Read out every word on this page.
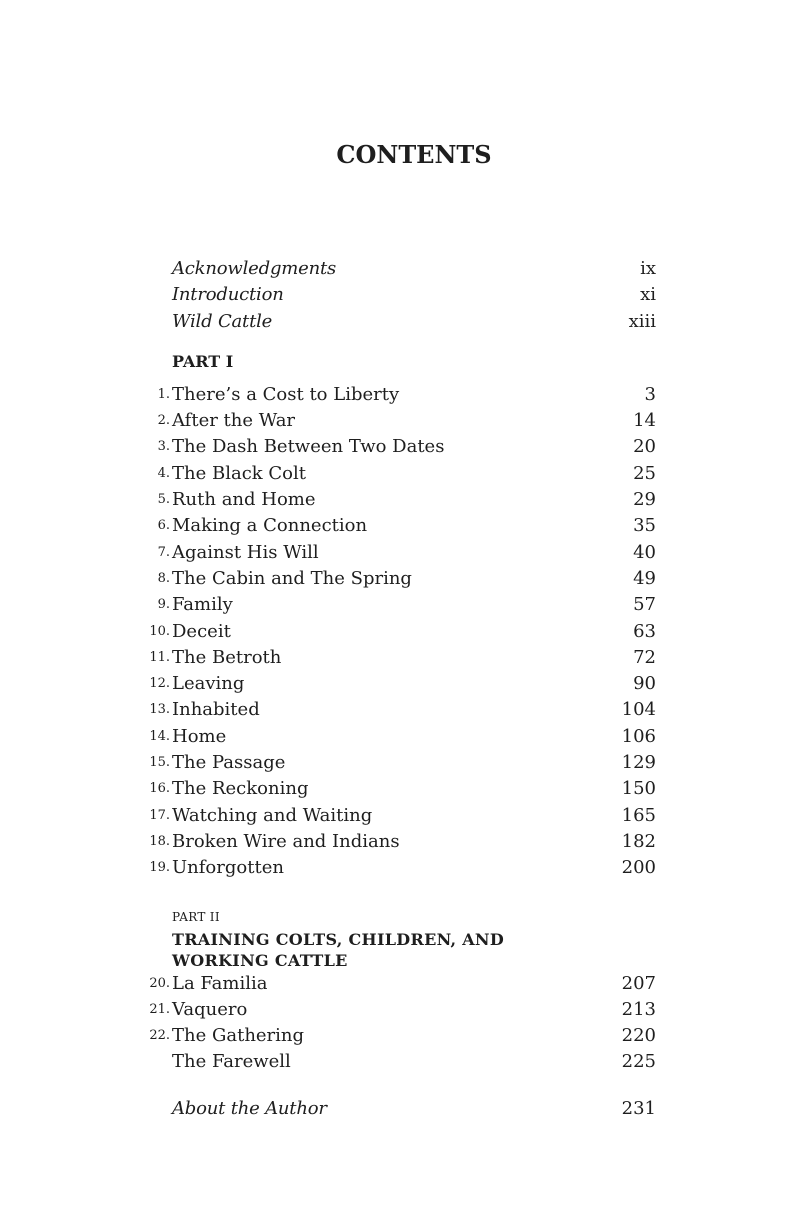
CONTENTS
Acknowledgments	ix
Introduction	xi
Wild Cattle	xiii
PART I
1. There’s a Cost to Liberty	3
2. After the War	14
3. The Dash Between Two Dates	20
4. The Black Colt	25
5. Ruth and Home	29
6. Making a Connection	35
7. Against His Will	40
8. The Cabin and The Spring	49
9. Family	57
10. Deceit	63
11. The Betroth	72
12. Leaving	90
13. Inhabited	104
14. Home	106
15. The Passage	129
16. The Reckoning	150
17. Watching and Waiting	165
18. Broken Wire and Indians	182
19. Unforgotten	200
PART II
TRAINING COLTS, CHILDREN, AND
WORKING CATTLE
20. La Familia	207
21. Vaquero	213
22. The Gathering	220
The Farewell	225
About the Author	231
